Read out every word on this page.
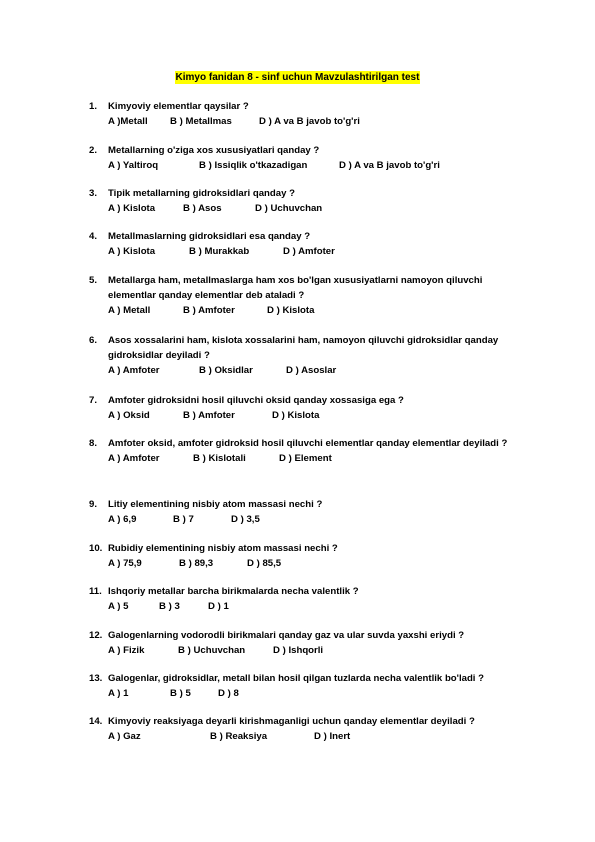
Kimyo fanidan 8 - sinf uchun Mavzulashtirilgan test
1. Kimyoviy elementlar qaysilar ?
A )Metall B ) Metallmas	D ) A va B javob to'g'ri
2. Metallarning o'ziga xos xususiyatlari qanday ?
A ) Yaltiroq	B ) Issiqlik o'tkazadigan	D ) A va B javob to'g'ri
3. Tipik metallarning gidroksidlari qanday ?
A ) Kislota	B ) Asos	D ) Uchuvchan
4. Metallmaslarning gidroksidlari esa qanday ?
A ) Kislota	B ) Murakkab	D ) Amfoter
5. Metallarga ham, metallmaslarga ham xos bo'lgan xususiyatlarni namoyon qiluvchi elementlar qanday elementlar deb ataladi ?
A ) Metall	B ) Amfoter	D ) Kislota
6. Asos xossalarini ham, kislota xossalarini ham, namoyon qiluvchi gidroksidlar qanday gidroksidlar deyiladi ?
A ) Amfoter	B ) Oksidlar	D ) Asoslar
7. Amfoter gidroksidni hosil qiluvchi oksid qanday xossasiga ega ?
A ) Oksid	B ) Amfoter	D ) Kislota
8. Amfoter oksid, amfoter gidroksid hosil qiluvchi elementlar qanday elementlar deyiladi ?
A ) Amfoter	B ) Kislotali	D ) Element
9. Litiy elementining nisbiy atom massasi nechi ?
A ) 6,9	B ) 7	D ) 3,5
10. Rubidiy elementining nisbiy atom massasi nechi ?
A ) 75,9	B ) 89,3	D ) 85,5
11. Ishqoriy metallar barcha birikmalarda necha valentlik ?
A ) 5	B ) 3	D ) 1
12. Galogenlarning vodorodli birikmalari qanday gaz va ular suvda yaxshi eriydi ?
A ) Fizik	B ) Uchuvchan	D ) Ishqorli
13. Galogenlar, gidroksidlar, metall bilan hosil qilgan tuzlarda necha valentlik bo'ladi ?
A ) 1	B ) 5	D ) 8
14. Kimyoviy reaksiyaga deyarli kirishmaganligi uchun qanday elementlar deyiladi ?
A ) Gaz	B ) Reaksiya	D ) Inert
